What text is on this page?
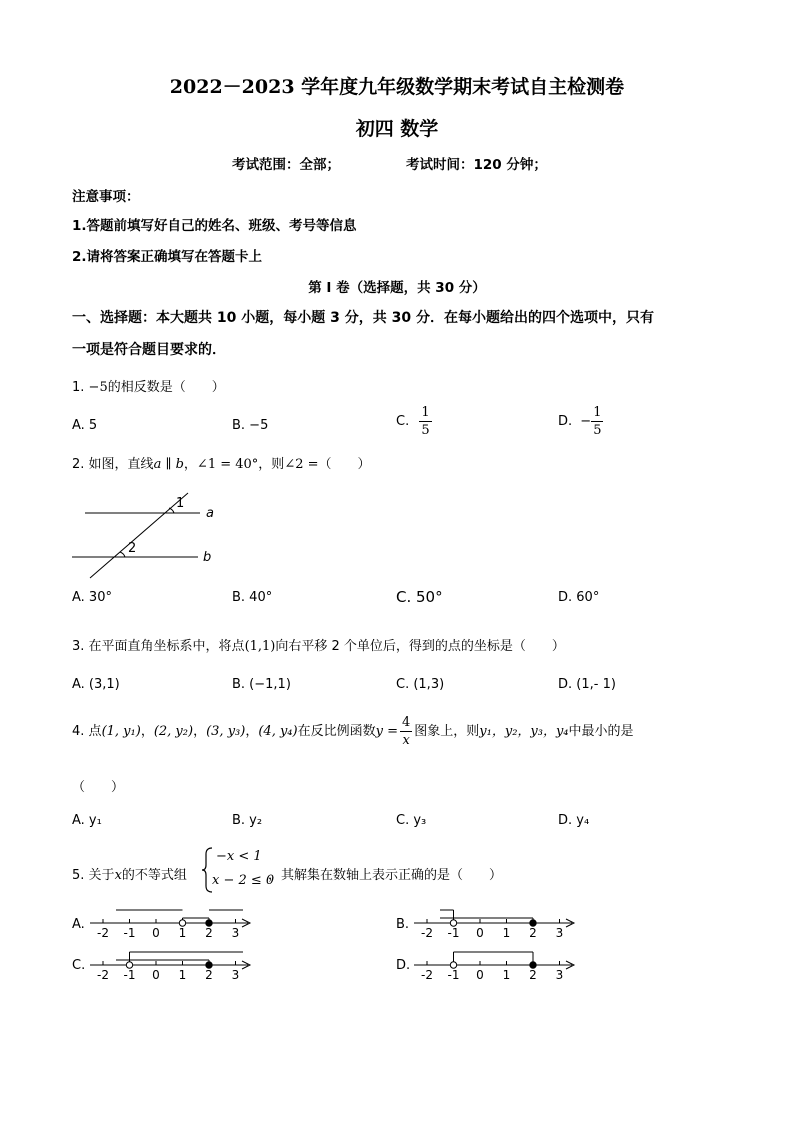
2022－2023 学年度九年级数学期末考试自主检测卷
初四 数学
考试范围：全部；	考试时间：120 分钟；
注意事项：
1.答题前填写好自己的姓名、班级、考号等信息
2.请将答案正确填写在答题卡上
第 I 卷（选择题，共 30 分）
一、选择题：本大题共 10 小题，每小题 3 分，共 30 分．在每小题给出的四个选项中，只有
一项是符合题目要求的．
1. −5的相反数是（　　）
A. 5	B. −5	C. $\frac{1}{5}$	D. − $\frac{1}{5}$
2. 如图，直线a ∥ b，∠1 = 40°，则∠2 =（　　）
1
2
a
b
A. 30°	B. 40°	C. 50°	D. 60°
3. 在平面直角坐标系中，将点(1,1)向右平移 2 个单位后，得到的点的坐标是（　　）
A. (3,1)	B. (−1,1)	C. (1,3)	D. (1,- 1)
4. 点(1, y₁)，(2, y₂)，(3, y₃)，(4, y₄)在反比例函数$y = \frac{4}{x}$ 图象上，则y₁，y₂，y₃，y₄中最小的是
（　　）
A. y₁	B. y₂	C. y₃	D. y₄
5. 关于x的不等式组
−x < 1
x − 2 ≤ 0
，其解集在数轴上表示正确的是（　　）
A.	B.
C.	D.
-2 -1 0 1 2 3	-2 -1 0 1 2 3
-2 -1 0 1 2 3	-2 -1 0 1 2 3
